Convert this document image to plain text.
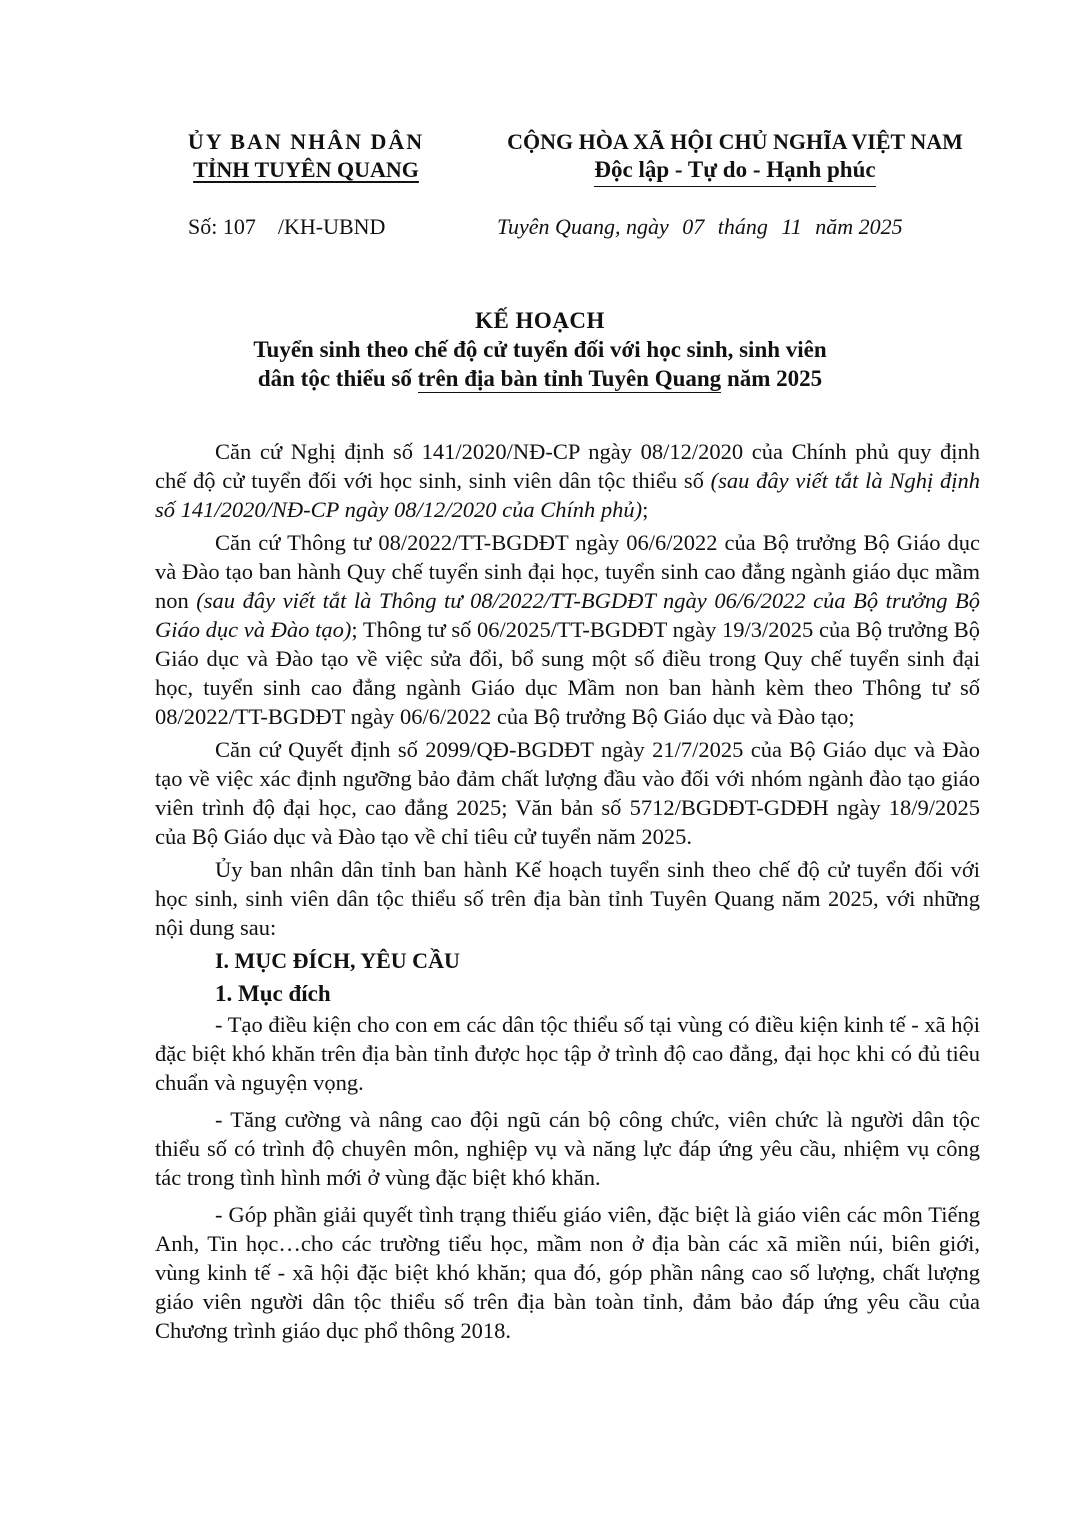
ỦY BAN NHÂN DÂN
TỈNH TUYÊN QUANG
CỘNG HÒA XÃ HỘI CHỦ NGHĨA VIỆT NAM
Độc lập - Tự do - Hạnh phúc
Số: 107 /KH-UBND	Tuyên Quang, ngày 07 tháng 11 năm 2025
KẾ HOẠCH
Tuyển sinh theo chế độ cử tuyển đối với học sinh, sinh viên
dân tộc thiểu số trên địa bàn tỉnh Tuyên Quang năm 2025

Căn cứ Nghị định số 141/2020/NĐ-CP ngày 08/12/2020 của Chính phủ quy định chế độ cử tuyển đối với học sinh, sinh viên dân tộc thiểu số (sau đây viết tắt là Nghị định số 141/2020/NĐ-CP ngày 08/12/2020 của Chính phủ);

Căn cứ Thông tư 08/2022/TT-BGDĐT ngày 06/6/2022 của Bộ trưởng Bộ Giáo dục và Đào tạo ban hành Quy chế tuyển sinh đại học, tuyển sinh cao đẳng ngành giáo dục mầm non (sau đây viết tắt là Thông tư 08/2022/TT-BGDĐT ngày 06/6/2022 của Bộ trưởng Bộ Giáo dục và Đào tạo); Thông tư số 06/2025/TT-BGDĐT ngày 19/3/2025 của Bộ trưởng Bộ Giáo dục và Đào tạo về việc sửa đổi, bổ sung một số điều trong Quy chế tuyển sinh đại học, tuyển sinh cao đẳng ngành Giáo dục Mầm non ban hành kèm theo Thông tư số 08/2022/TT-BGDĐT ngày 06/6/2022 của Bộ trưởng Bộ Giáo dục và Đào tạo;

Căn cứ Quyết định số 2099/QĐ-BGDĐT ngày 21/7/2025 của Bộ Giáo dục và Đào tạo về việc xác định ngưỡng bảo đảm chất lượng đầu vào đối với nhóm ngành đào tạo giáo viên trình độ đại học, cao đẳng 2025; Văn bản số 5712/BGDĐT-GDĐH ngày 18/9/2025 của Bộ Giáo dục và Đào tạo về chỉ tiêu cử tuyển năm 2025.

Ủy ban nhân dân tỉnh ban hành Kế hoạch tuyển sinh theo chế độ cử tuyển đối với học sinh, sinh viên dân tộc thiểu số trên địa bàn tỉnh Tuyên Quang năm 2025, với những nội dung sau:

I. MỤC ĐÍCH, YÊU CẦU

1. Mục đích

- Tạo điều kiện cho con em các dân tộc thiểu số tại vùng có điều kiện kinh tế - xã hội đặc biệt khó khăn trên địa bàn tỉnh được học tập ở trình độ cao đẳng, đại học khi có đủ tiêu chuẩn và nguyện vọng.

- Tăng cường và nâng cao đội ngũ cán bộ công chức, viên chức là người dân tộc thiểu số có trình độ chuyên môn, nghiệp vụ và năng lực đáp ứng yêu cầu, nhiệm vụ công tác trong tình hình mới ở vùng đặc biệt khó khăn.

- Góp phần giải quyết tình trạng thiếu giáo viên, đặc biệt là giáo viên các môn Tiếng Anh, Tin học…cho các trường tiểu học, mầm non ở địa bàn các xã miền núi, biên giới, vùng kinh tế - xã hội đặc biệt khó khăn; qua đó, góp phần nâng cao số lượng, chất lượng giáo viên người dân tộc thiểu số trên địa bàn toàn tỉnh, đảm bảo đáp ứng yêu cầu của Chương trình giáo dục phổ thông 2018.
